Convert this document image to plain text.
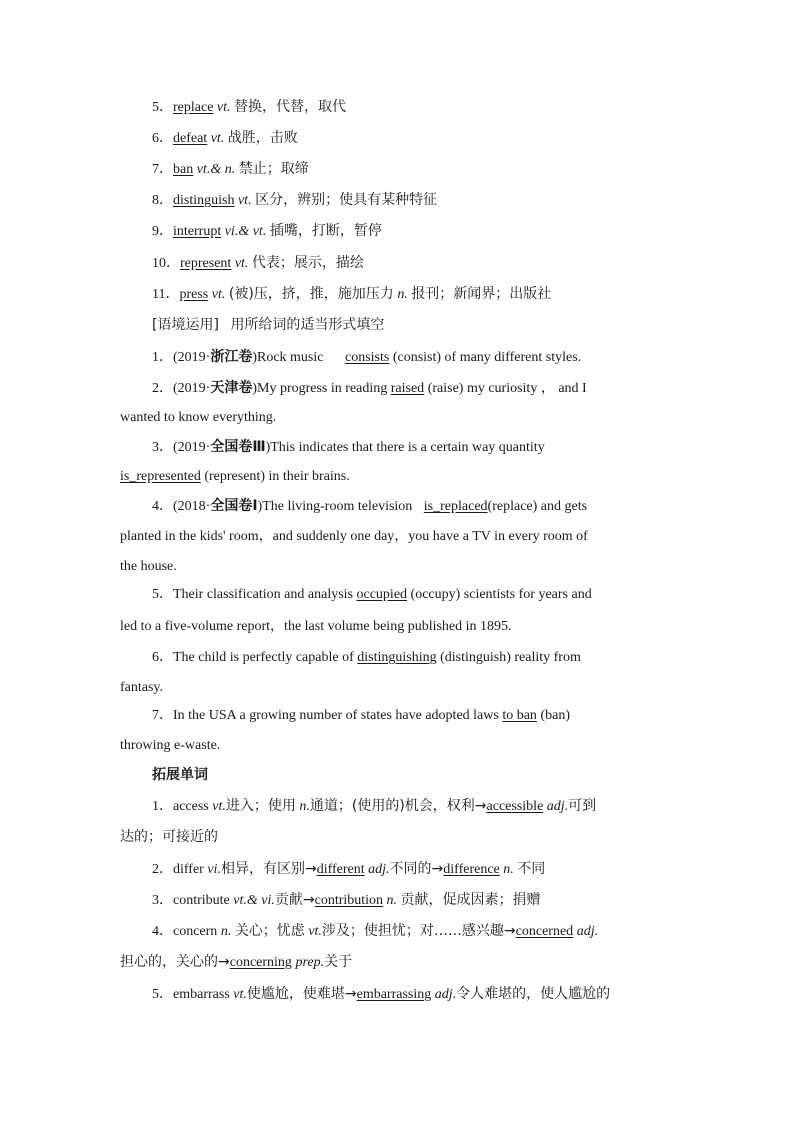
5．replace vt. 替换，代替，取代
6．defeat vt. 战胜，击败
7．ban vt.& n. 禁止；取缔
8．distinguish vt. 区分，辨别；使具有某种特征
9．interrupt vi.& vt. 插嘴，打断，暂停
10．represent vt. 代表；展示，描绘
11．press vt. (被)压，挤，推，施加压力 n. 报刊；新闻界；出版社
[语境运用] 用所给词的适当形式填空
1．(2019·浙江卷)Rock music consists (consist) of many different styles.
2．(2019·天津卷)My progress in reading raised (raise) my curiosity ， and I
wanted to know everything.
3．(2019·全国卷Ⅲ)This indicates that there is a certain way quantity
is_represented (represent) in their brains.
4．(2018·全国卷Ⅰ)The living-room television is_replaced(replace) and gets
planted in the kids' room，and suddenly one day，you have a TV in every room of
the house.
5．Their classification and analysis occupied (occupy) scientists for years and
led to a five-volume report，the last volume being published in 1895.
6．The child is perfectly capable of distinguishing (distinguish) reality from
fantasy.
7．In the USA a growing number of states have adopted laws to ban (ban)
throwing e-waste.
拓展单词
1．access vt.进入；使用 n.通道；(使用的)机会，权利→accessible adj.可到
达的；可接近的
2．differ vi.相异，有区别→different adj.不同的→difference n. 不同
3．contribute vt.& vi.贡献→contribution n. 贡献，促成因素；捐赠
4．concern n. 关心；忧虑 vt.涉及；使担忧；对……感兴趣→concerned adj.
担心的，关心的→concerning prep.关于
5．embarrass vt.使尴尬，使难堪→embarrassing adj.令人难堪的，使人尴尬的
